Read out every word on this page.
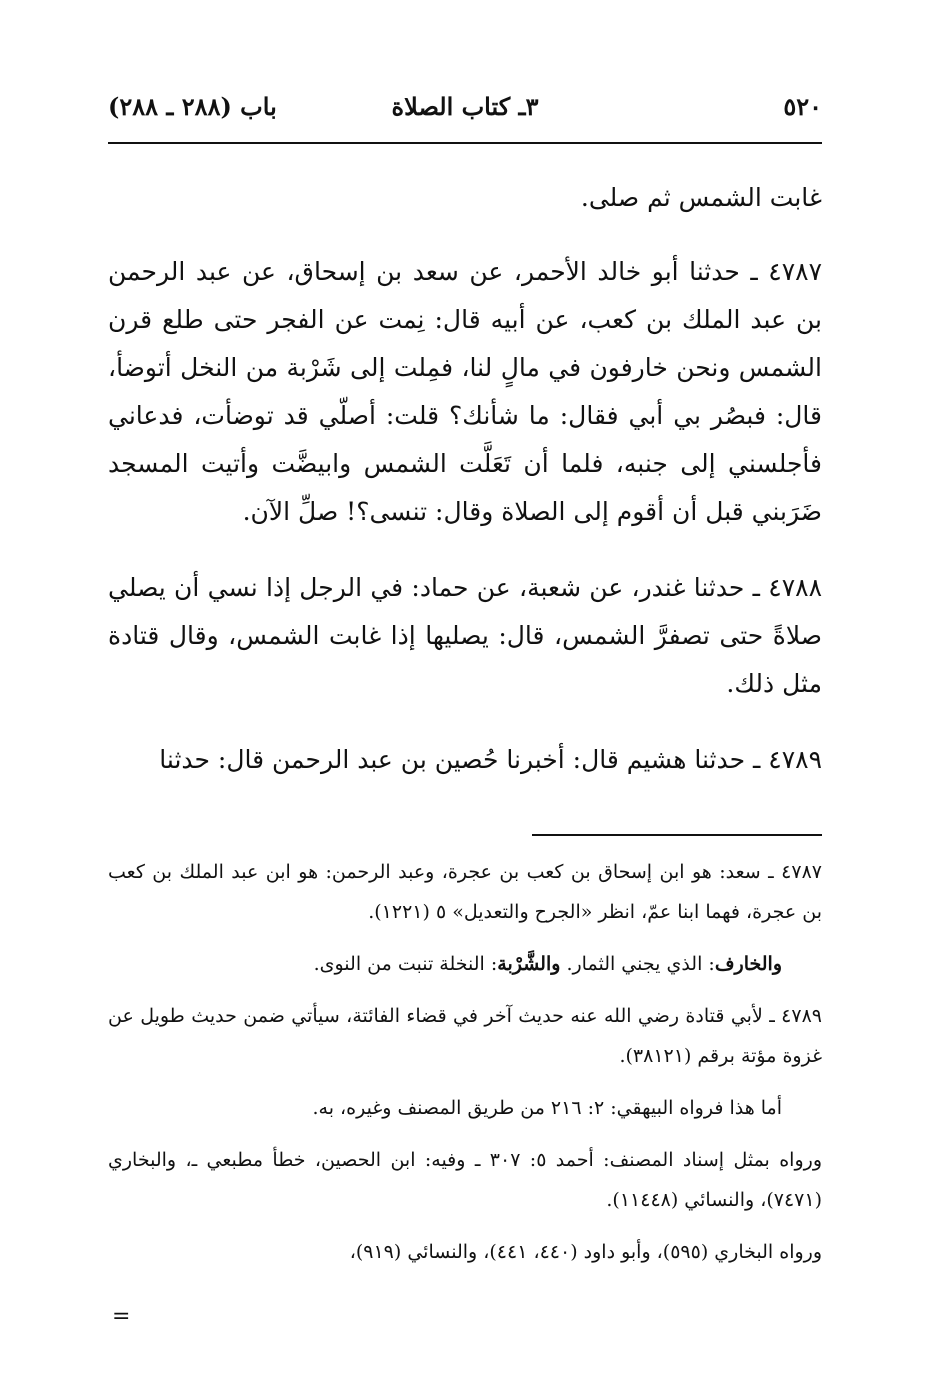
٥٢٠
٣ـ كتاب الصلاة
باب (٢٨٨ ـ ٢٨٨)

غابت الشمس ثم صلى.

٤٧٨٧ ـ حدثنا أبو خالد الأحمر، عن سعد بن إسحاق، عن عبد الرحمن بن عبد الملك بن كعب، عن أبيه قال: نِمت عن الفجر حتى طلع قرن الشمس ونحن خارفون في مالٍ لنا، فمِلت إلى شَرْبة من النخل أتوضأ، قال: فبصُر بي أبي فقال: ما شأنك؟ قلت: أصلّي قد توضأت، فدعاني فأجلسني إلى جنبه، فلما أن تَعَلَّت الشمس وابيضَّت وأتيت المسجد ضَرَبني قبل أن أقوم إلى الصلاة وقال: تنسى؟! صلِّ الآن.

٤٧٨٨ ـ حدثنا غندر، عن شعبة، عن حماد: في الرجل إذا نسي أن يصلي صلاةً حتى تصفرَّ الشمس، قال: يصليها إذا غابت الشمس، وقال قتادة مثل ذلك.

٤٧٨٩ ـ حدثنا هشيم قال: أخبرنا حُصين بن عبد الرحمن قال: حدثنا

٤٧٨٧ ـ سعد: هو ابن إسحاق بن كعب بن عجرة، وعبد الرحمن: هو ابن عبد الملك بن كعب بن عجرة، فهما ابنا عمّ، انظر «الجرح والتعديل» ٥ (١٢٢١).

والخارف: الذي يجني الثمار. والشَّرْبة: النخلة تنبت من النوى.

٤٧٨٩ ـ لأبي قتادة رضي الله عنه حديث آخر في قضاء الفائتة، سيأتي ضمن حديث طويل عن غزوة مؤتة برقم (٣٨١٢١).

أما هذا فرواه البيهقي: ٢: ٢١٦ من طريق المصنف وغيره، به.

ورواه بمثل إسناد المصنف: أحمد ٥: ٣٠٧ ـ وفيه: ابن الحصين، خطأ مطبعي ـ، والبخاري (٧٤٧١)، والنسائي (١١٤٤٨).

ورواه البخاري (٥٩٥)، وأبو داود (٤٤٠، ٤٤١)، والنسائي (٩١٩)،

=
